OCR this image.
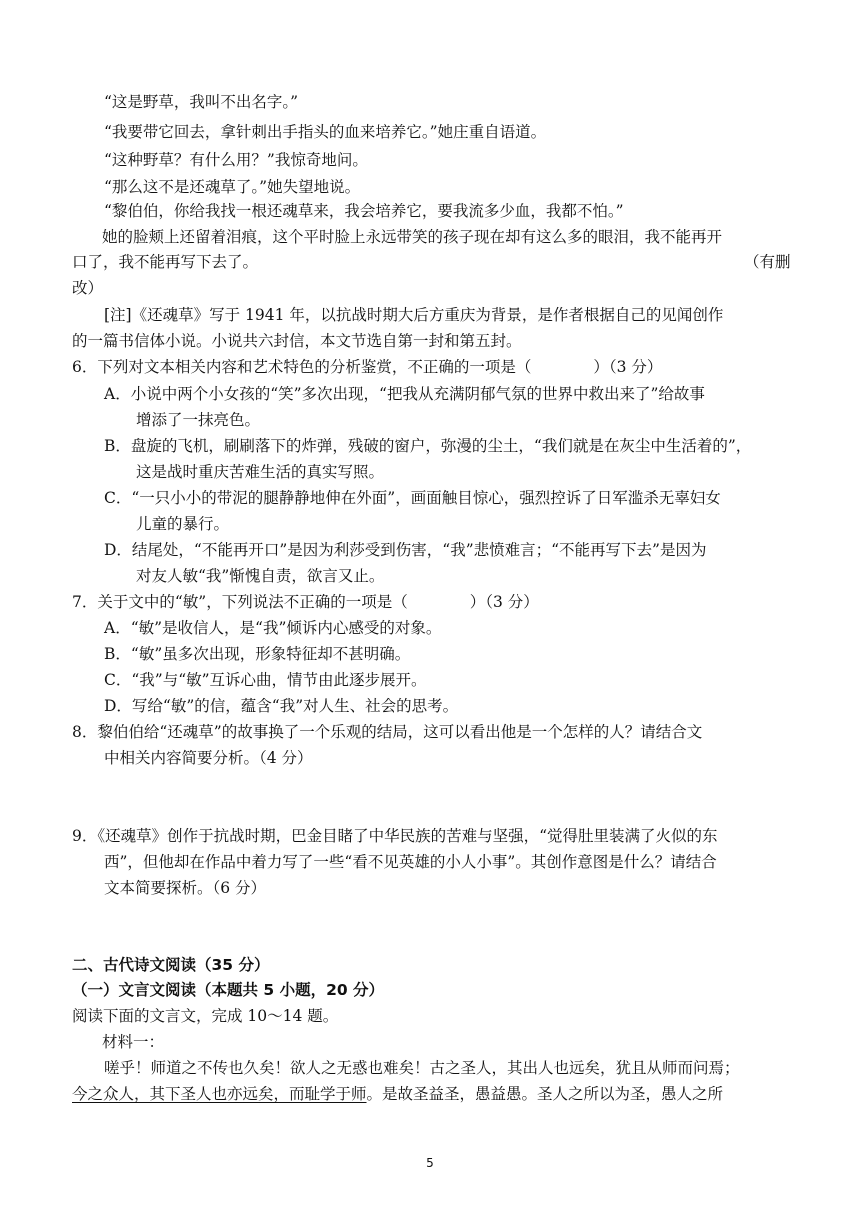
“这是野草，我叫不出名字。”
“我要带它回去，拿针刺出手指头的血来培养它。”她庄重自语道。
“这种野草？有什么用？”我惊奇地问。
“那么这不是还魂草了。”她失望地说。
“黎伯伯，你给我找一根还魂草来，我会培养它，要我流多少血，我都不怕。”
她的脸颊上还留着泪痕，这个平时脸上永远带笑的孩子现在却有这么多的眼泪，我不能再开
口了，我不能再写下去了。	（有删
改）
[注]《还魂草》写于 1941 年，以抗战时期大后方重庆为背景，是作者根据自己的见闻创作
的一篇书信体小说。小说共六封信，本文节选自第一封和第五封。
6．下列对文本相关内容和艺术特色的分析鉴赏，不正确的一项是（　　　　）（3 分）
A．小说中两个小女孩的“笑”多次出现，“把我从充满阴郁气氛的世界中救出来了”给故事
增添了一抹亮色。
B．盘旋的飞机，刷刷落下的炸弹，残破的窗户，弥漫的尘土，“我们就是在灰尘中生活着的”，
这是战时重庆苦难生活的真实写照。
C．“一只小小的带泥的腿静静地伸在外面”，画面触目惊心，强烈控诉了日军滥杀无辜妇女
儿童的暴行。
D．结尾处，“不能再开口”是因为利莎受到伤害，“我”悲愤难言；“不能再写下去”是因为
对友人敏“我”惭愧自责，欲言又止。
7．关于文中的“敏”，下列说法不正确的一项是（　　　　）（3 分）
A．“敏”是收信人，是“我”倾诉内心感受的对象。
B．“敏”虽多次出现，形象特征却不甚明确。
C．“我”与“敏”互诉心曲，情节由此逐步展开。
D．写给“敏”的信，蕴含“我”对人生、社会的思考。
8．黎伯伯给“还魂草”的故事换了一个乐观的结局，这可以看出他是一个怎样的人？请结合文
中相关内容简要分析。（4 分）
9．《还魂草》创作于抗战时期，巴金目睹了中华民族的苦难与坚强，“觉得肚里装满了火似的东
西”，但他却在作品中着力写了一些“看不见英雄的小人小事”。其创作意图是什么？请结合
文本简要探析。（6 分）
二、古代诗文阅读（35 分）
（一）文言文阅读（本题共 5 小题，20 分）
阅读下面的文言文，完成 10～14 题。
材料一：
嗟乎！师道之不传也久矣！欲人之无惑也难矣！古之圣人，其出人也远矣，犹且从师而问焉；
今之众人，其下圣人也亦远矣，而耻学于师。是故圣益圣，愚益愚。圣人之所以为圣，愚人之所
5
